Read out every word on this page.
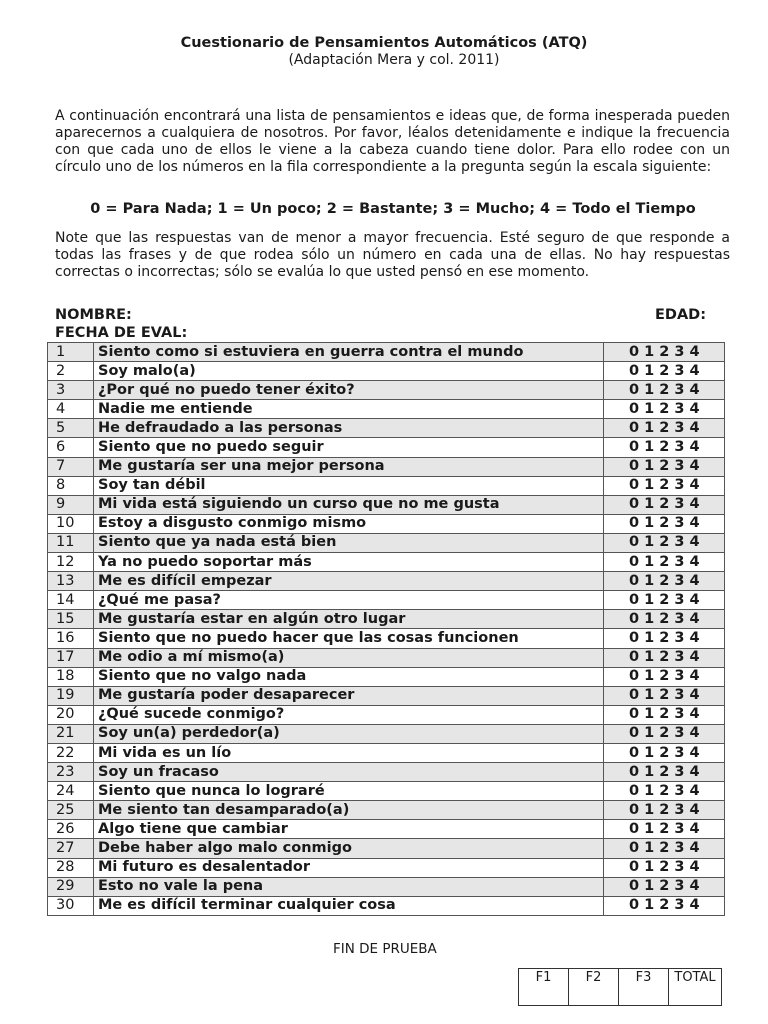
Cuestionario de Pensamientos Automáticos (ATQ)
(Adaptación Mera y col. 2011)

A continuación encontrará una lista de pensamientos e ideas que, de forma inesperada pueden aparecernos a cualquiera de nosotros. Por favor, léalos detenidamente e indique la frecuencia con que cada uno de ellos le viene a la cabeza cuando tiene dolor. Para ello rodee con un círculo uno de los números en la fila correspondiente a la pregunta según la escala siguiente:

0 = Para Nada; 1 = Un poco; 2 = Bastante; 3 = Mucho; 4 = Todo el Tiempo

Note que las respuestas van de menor a mayor frecuencia. Esté seguro de que responde a todas las frases y de que rodea sólo un número en cada una de ellas. No hay respuestas correctas o incorrectas; sólo se evalúa lo que usted pensó en ese momento.

NOMBRE:	EDAD:
FECHA DE EVAL:
1	Siento como si estuviera en guerra contra el mundo	0 1 2 3 4
2	Soy malo(a)	0 1 2 3 4
3	¿Por qué no puedo tener éxito?	0 1 2 3 4
4	Nadie me entiende	0 1 2 3 4
5	He defraudado a las personas	0 1 2 3 4
6	Siento que no puedo seguir	0 1 2 3 4
7	Me gustaría ser una mejor persona	0 1 2 3 4
8	Soy tan débil	0 1 2 3 4
9	Mi vida está siguiendo un curso que no me gusta	0 1 2 3 4
10	Estoy a disgusto conmigo mismo	0 1 2 3 4
11	Siento que ya nada está bien	0 1 2 3 4
12	Ya no puedo soportar más	0 1 2 3 4
13	Me es difícil empezar	0 1 2 3 4
14	¿Qué me pasa?	0 1 2 3 4
15	Me gustaría estar en algún otro lugar	0 1 2 3 4
16	Siento que no puedo hacer que las cosas funcionen	0 1 2 3 4
17	Me odio a mí mismo(a)	0 1 2 3 4
18	Siento que no valgo nada	0 1 2 3 4
19	Me gustaría poder desaparecer	0 1 2 3 4
20	¿Qué sucede conmigo?	0 1 2 3 4
21	Soy un(a) perdedor(a)	0 1 2 3 4
22	Mi vida es un lío	0 1 2 3 4
23	Soy un fracaso	0 1 2 3 4
24	Siento que nunca lo lograré	0 1 2 3 4
25	Me siento tan desamparado(a)	0 1 2 3 4
26	Algo tiene que cambiar	0 1 2 3 4
27	Debe haber algo malo conmigo	0 1 2 3 4
28	Mi futuro es desalentador	0 1 2 3 4
29	Esto no vale la pena	0 1 2 3 4
30	Me es difícil terminar cualquier cosa	0 1 2 3 4
FIN DE PRUEBA
F1	F2	F3	TOTAL
